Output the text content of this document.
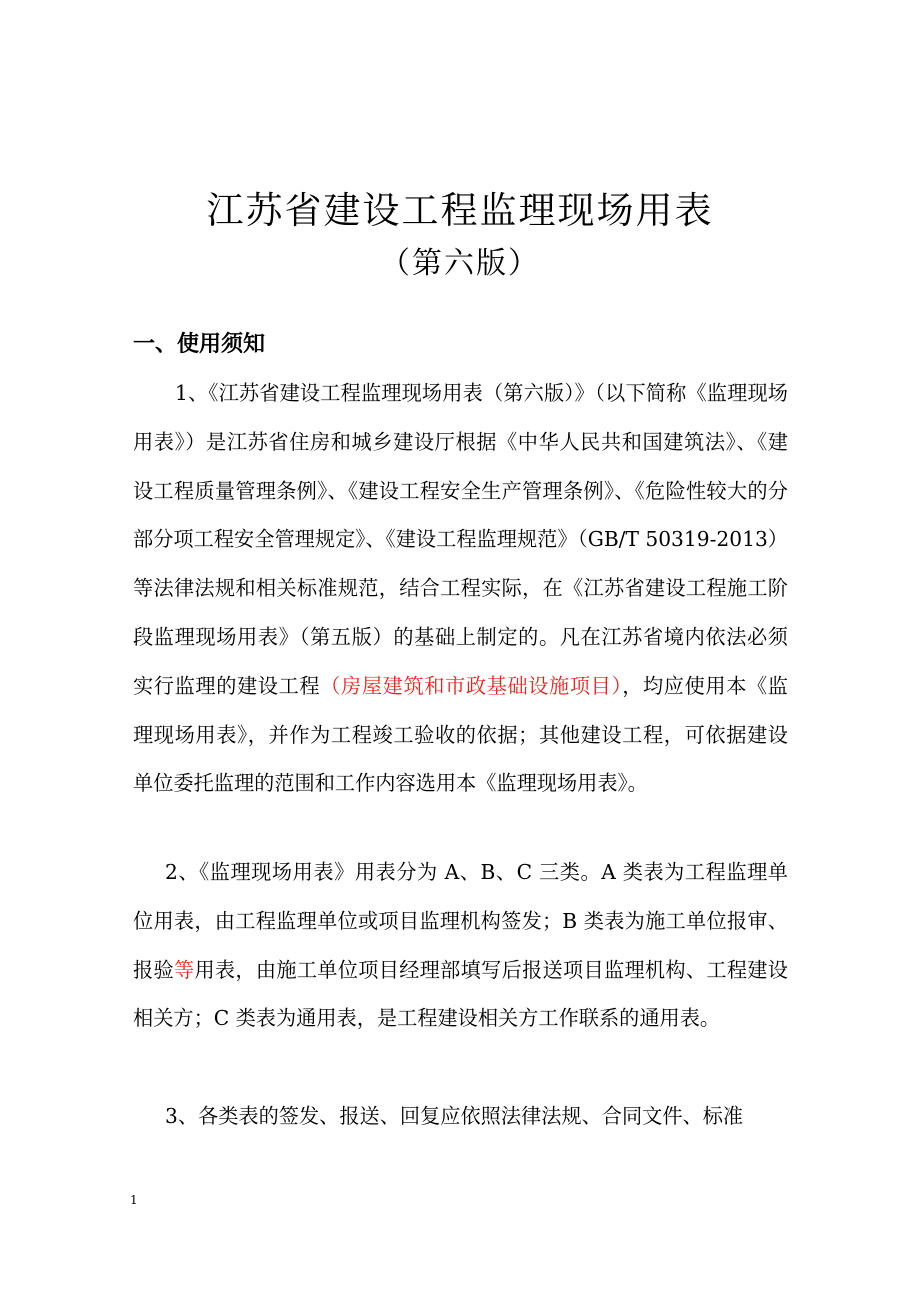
江苏省建设工程监理现场用表
（第六版）
一、使用须知

1、《江苏省建设工程监理现场用表（第六版）》（以下简称《监理现场用表》）是江苏省住房和城乡建设厅根据《中华人民共和国建筑法》、《建设工程质量管理条例》、《建设工程安全生产管理条例》、《危险性较大的分部分项工程安全管理规定》、《建设工程监理规范》（GB/T 50319-2013）等法律法规和相关标准规范，结合工程实际，在《江苏省建设工程施工阶段监理现场用表》（第五版）的基础上制定的。凡在江苏省境内依法必须实行监理的建设工程（房屋建筑和市政基础设施项目），均应使用本《监理现场用表》，并作为工程竣工验收的依据；其他建设工程，可依据建设单位委托监理的范围和工作内容选用本《监理现场用表》。

2、《监理现场用表》用表分为 A、B、C 三类。A 类表为工程监理单位用表，由工程监理单位或项目监理机构签发；B 类表为施工单位报审、报验等用表，由施工单位项目经理部填写后报送项目监理机构、工程建设相关方；C 类表为通用表，是工程建设相关方工作联系的通用表。

3、各类表的签发、报送、回复应依照法律法规、合同文件、标准

1
